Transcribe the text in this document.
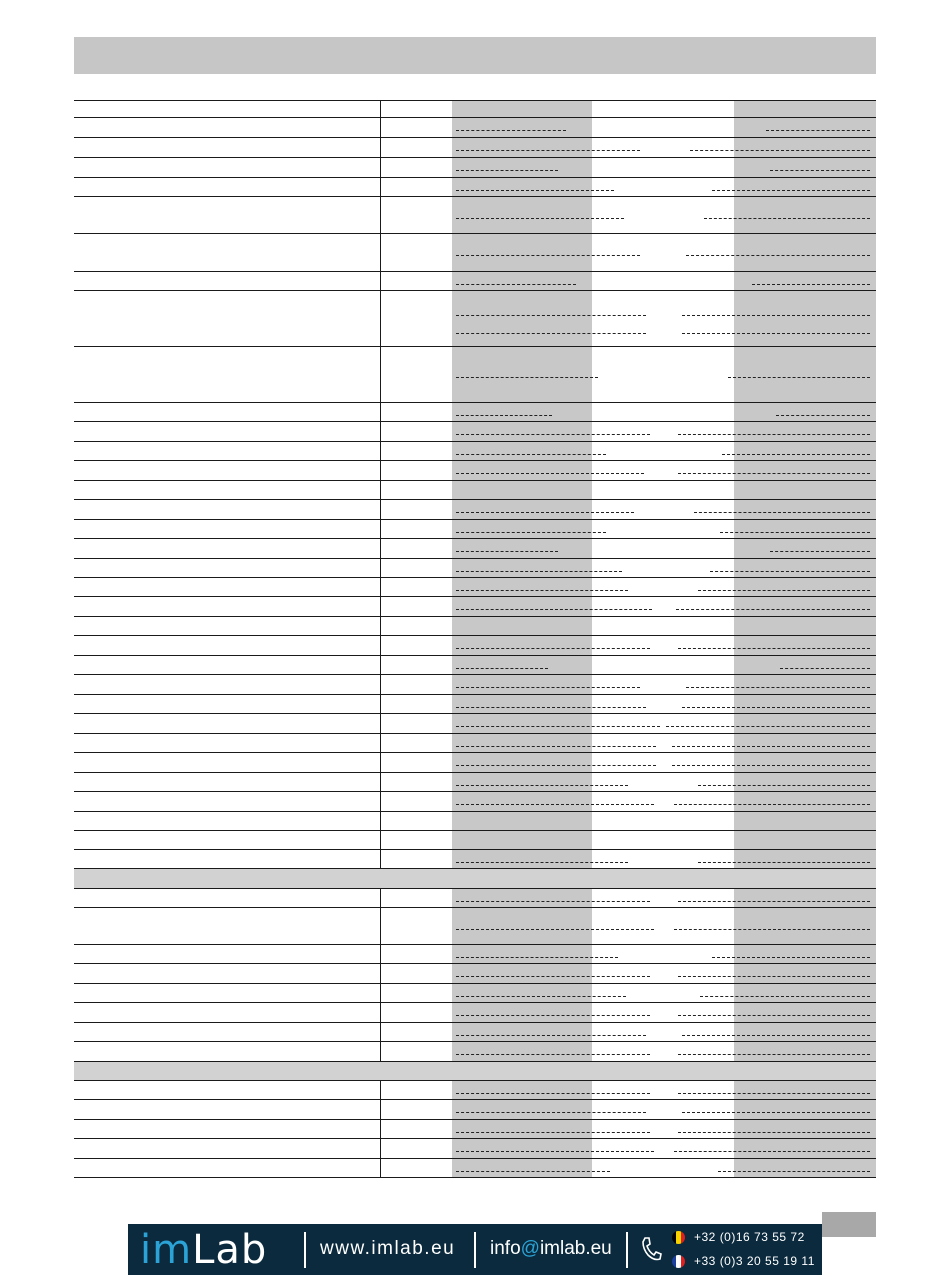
imLab	www.imlab.eu info@imlab.eu
+32 (0)16 73 55 72
+33 (0)3 20 55 19 11
